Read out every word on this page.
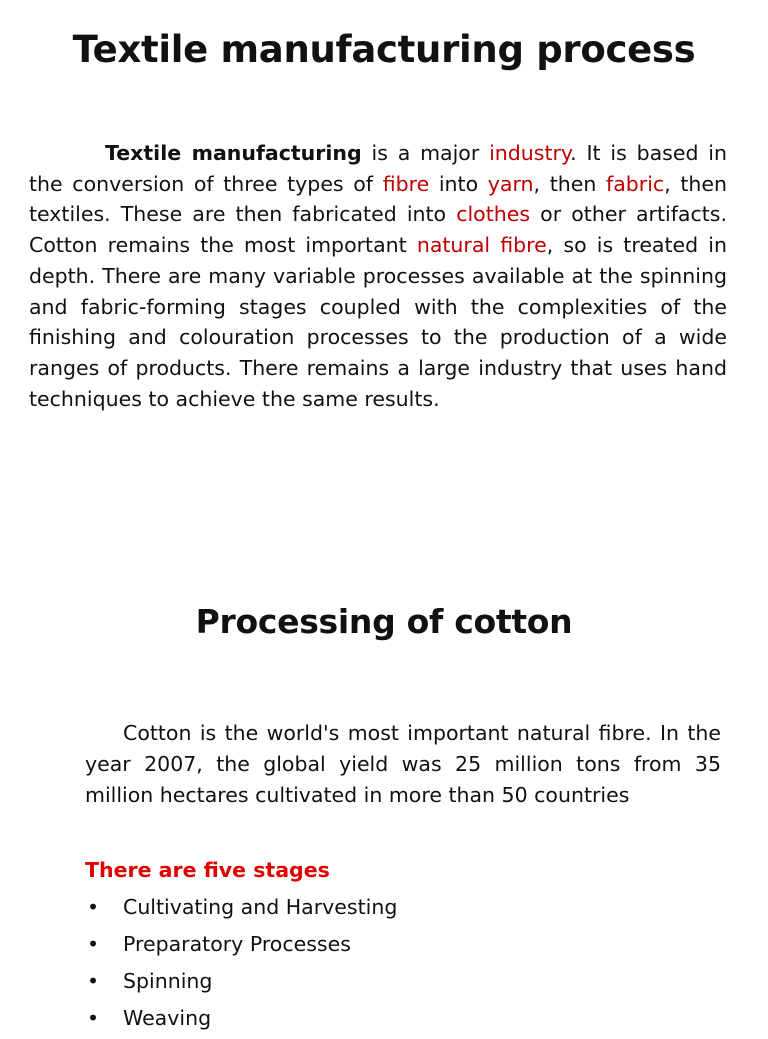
Textile manufacturing process

Textile manufacturing is a major industry. It is based in the conversion of three types of fibre into yarn, then fabric, then textiles. These are then fabricated into clothes or other artifacts. Cotton remains the most important natural fibre, so is treated in depth. There are many variable processes available at the spinning and fabric-forming stages coupled with the complexities of the finishing and colouration processes to the production of a wide ranges of products. There remains a large industry that uses hand techniques to achieve the same results.

Processing of cotton

Cotton is the world's most important natural fibre. In the year 2007, the global yield was 25 million tons from 35 million hectares cultivated in more than 50 countries

There are five stages

• Cultivating and Harvesting
• Preparatory Processes
• Spinning
• Weaving
